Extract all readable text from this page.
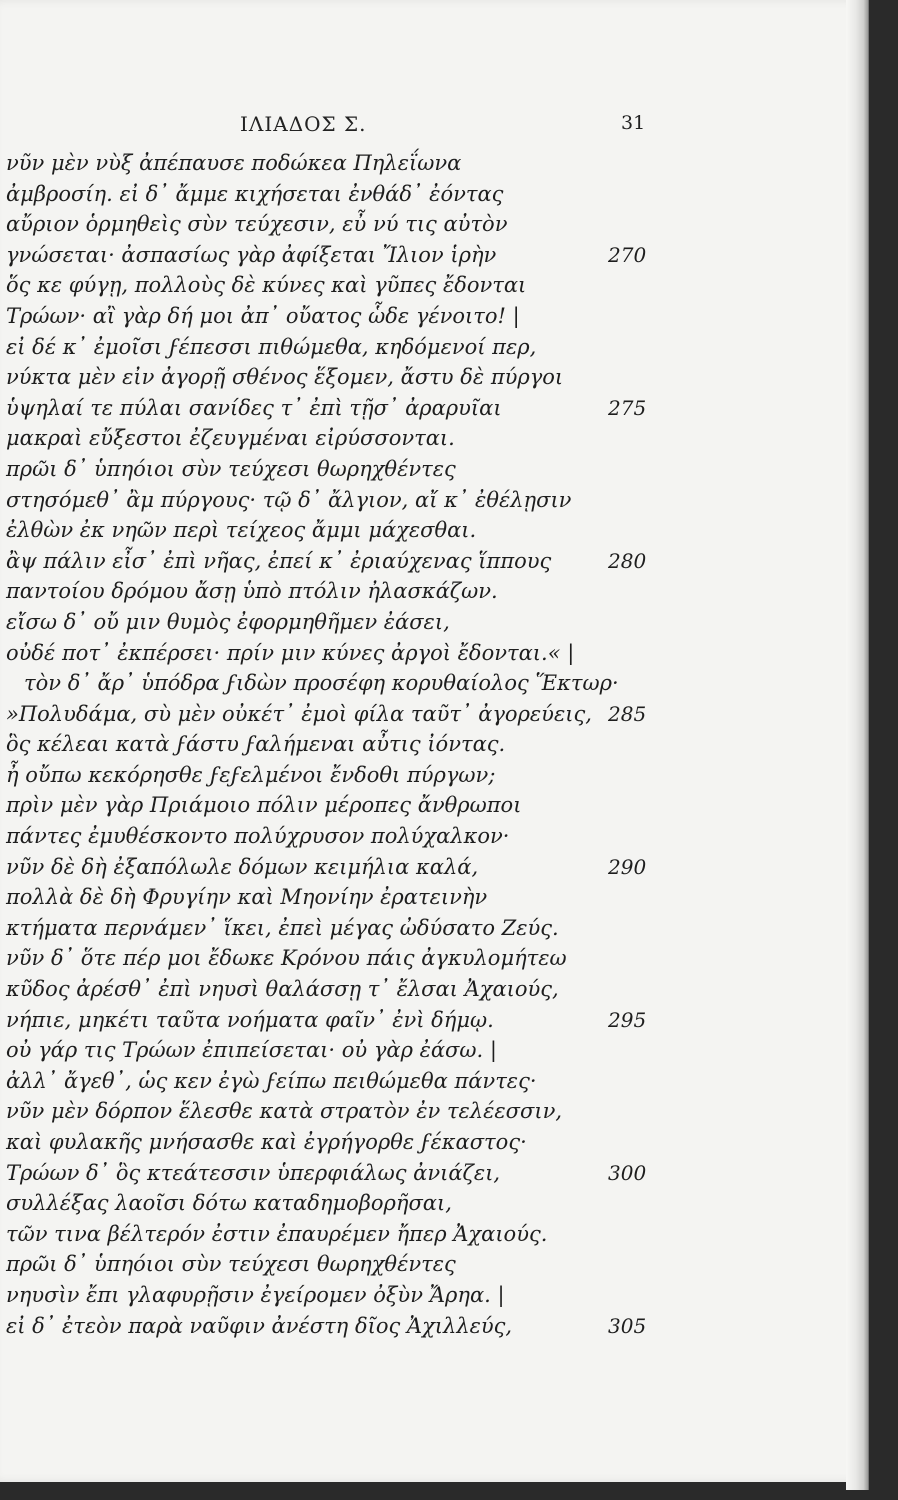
ΙΛΙΑΔΟΣ Σ.	31
νῦν μὲν νὺξ ἀπέπαυσε ποδώκεα Πηλεΐωνα
ἀμβροσίη. εἰ δ᾽ ἄμμε κιχήσεται ἐνθάδ᾽ ἐόντας
αὔριον ὁρμηθεὶς σὺν τεύχεσιν, εὖ νύ τις αὐτὸν
γνώσεται· ἀσπασίως γὰρ ἀφίξεται Ἴλιον ἱρὴν	270
ὅς κε φύγῃ, πολλοὺς δὲ κύνες καὶ γῦπες ἔδονται
Τρώων· αἲ γὰρ δή μοι ἀπ᾽ οὔατος ὧδε γένοιτο! |
εἰ δέ κ᾽ ἐμοῖσι ϝέπεσσι πιθώμεθα, κηδόμενοί περ,
νύκτα μὲν εἰν ἀγορῇ σθένος ἕξομεν, ἄστυ δὲ πύργοι
ὑψηλαί τε πύλαι σανίδες τ᾽ ἐπὶ τῇσ᾽ ἀραρυῖαι	275
μακραὶ εὔξεστοι ἐζευγμέναι εἰρύσσονται.
πρῶι δ᾽ ὑπηόιοι σὺν τεύχεσι θωρηχθέντες
στησόμεθ᾽ ἂμ πύργους· τῷ δ᾽ ἄλγιον, αἴ κ᾽ ἐθέλῃσιν
ἐλθὼν ἐκ νηῶν περὶ τείχεος ἄμμι μάχεσθαι.
ἂψ πάλιν εἶσ᾽ ἐπὶ νῆας, ἐπεί κ᾽ ἐριαύχενας ἵππους	280
παντοίου δρόμου ἄσῃ ὑπὸ πτόλιν ἠλασκάζων.
εἴσω δ᾽ οὔ μιν θυμὸς ἐφορμηθῆμεν ἐάσει,
οὐδέ ποτ᾽ ἐκπέρσει· πρίν μιν κύνες ἀργοὶ ἔδονται.« |
τὸν δ᾽ ἄρ᾽ ὑπόδρα ϝιδὼν προσέφη κορυθαίολος Ἕκτωρ·
»Πολυδάμα, σὺ μὲν οὐκέτ᾽ ἐμοὶ φίλα ταῦτ᾽ ἀγορεύεις, 285
ὃς κέλεαι κατὰ ϝάστυ ϝαλήμεναι αὖτις ἰόντας.
ἦ οὔπω κεκόρησθε ϝεϝελμένοι ἔνδοθι πύργων;
πρὶν μὲν γὰρ Πριάμοιο πόλιν μέροπες ἄνθρωποι
πάντες ἐμυθέσκοντο πολύχρυσον πολύχαλκον·
νῦν δὲ δὴ ἐξαπόλωλε δόμων κειμήλια καλά,	290
πολλὰ δὲ δὴ Φρυγίην καὶ Μηονίην ἐρατεινὴν
κτήματα περνάμεν᾽ ἵκει, ἐπεὶ μέγας ὠδύσατο Ζεύς.
νῦν δ᾽ ὅτε πέρ μοι ἔδωκε Κρόνου πάις ἀγκυλομήτεω
κῦδος ἀρέσθ᾽ ἐπὶ νηυσὶ θαλάσσῃ τ᾽ ἔλσαι Ἀχαιούς,
νήπιε, μηκέτι ταῦτα νοήματα φαῖν᾽ ἐνὶ δήμῳ.	295
οὐ γάρ τις Τρώων ἐπιπείσεται· οὐ γὰρ ἐάσω. |
ἀλλ᾽ ἄγεθ᾽, ὡς κεν ἐγὼ ϝείπω πειθώμεθα πάντες·
νῦν μὲν δόρπον ἕλεσθε κατὰ στρατὸν ἐν τελέεσσιν,
καὶ φυλακῆς μνήσασθε καὶ ἐγρήγορθε ϝέκαστος·
Τρώων δ᾽ ὃς κτεάτεσσιν ὑπερφιάλως ἀνιάζει,	300
συλλέξας λαοῖσι δότω καταδημοβορῆσαι,
τῶν τινα βέλτερόν ἐστιν ἐπαυρέμεν ἤπερ Ἀχαιούς.
πρῶι δ᾽ ὑπηόιοι σὺν τεύχεσι θωρηχθέντες
νηυσὶν ἔπι γλαφυρῇσιν ἐγείρομεν ὀξὺν Ἄρηα. |
εἰ δ᾽ ἐτεὸν παρὰ ναῦφιν ἀνέστη δῖος Ἀχιλλεύς,	305
